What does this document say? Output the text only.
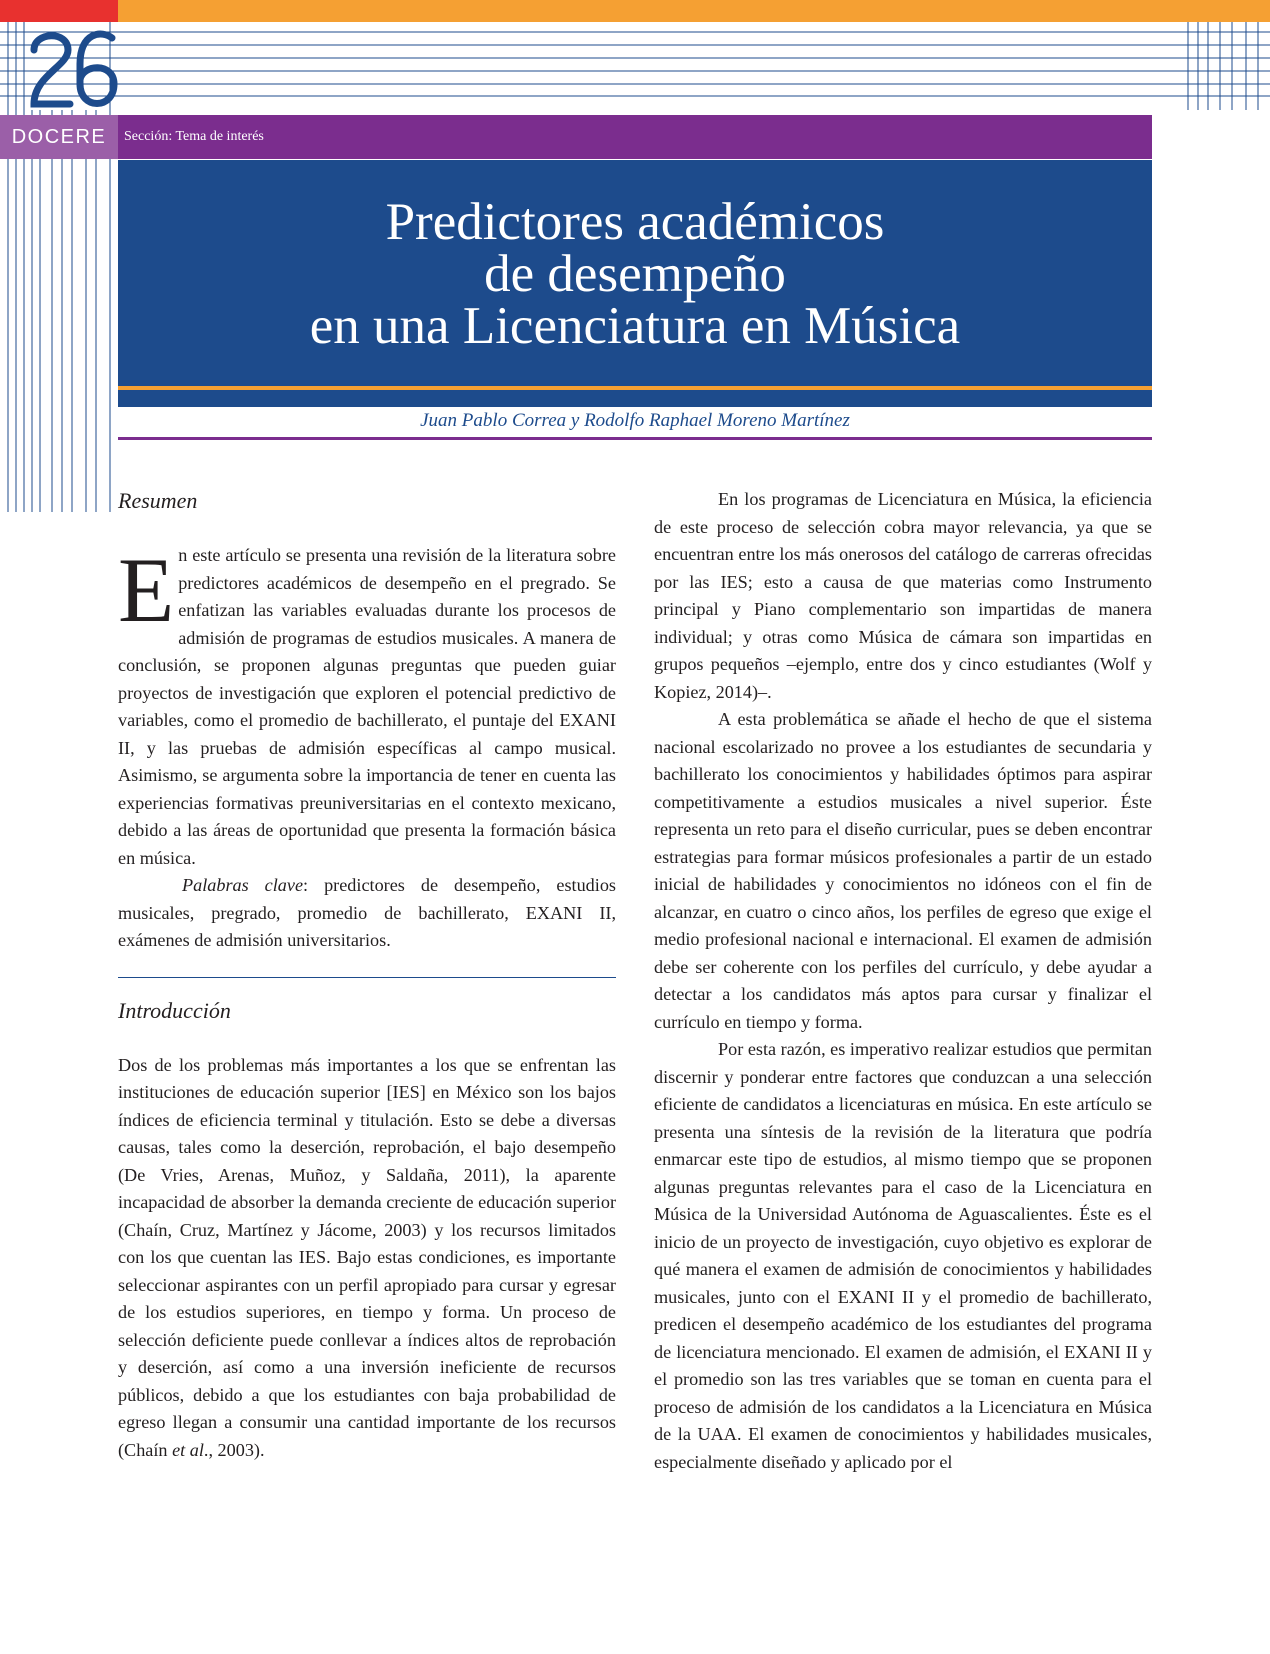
26
DOCERE	Sección: Tema de interés
Predictores académicos
de desempeño
en una Licenciatura en Música
Juan Pablo Correa y Rodolfo Raphael Moreno Martínez
Resumen

En este artículo se presenta una revisión de la literatura sobre predictores académicos de desempeño en el pregrado. Se enfatizan las variables evaluadas durante los procesos de admisión de programas de estudios musicales. A manera de conclusión, se proponen algunas preguntas que pueden guiar proyectos de investigación que exploren el potencial predictivo de variables, como el promedio de bachillerato, el puntaje del EXANI II, y las pruebas de admisión específicas al campo musical. Asimismo, se argumenta sobre la importancia de tener en cuenta las experiencias formativas preuniversitarias en el contexto mexicano, debido a las áreas de oportunidad que presenta la formación básica en música.

Palabras clave: predictores de desempeño, estudios musicales, pregrado, promedio de bachillerato, EXANI II, exámenes de admisión universitarios.

Introducción

Dos de los problemas más importantes a los que se enfrentan las instituciones de educación superior [IES] en México son los bajos índices de eficiencia terminal y titulación. Esto se debe a diversas causas, tales como la deserción, reprobación, el bajo desempeño (De Vries, Arenas, Muñoz, y Saldaña, 2011), la aparente incapacidad de absorber la demanda creciente de educación superior (Chaín, Cruz, Martínez y Jácome, 2003) y los recursos limitados con los que cuentan las IES. Bajo estas condiciones, es importante seleccionar aspirantes con un perfil apropiado para cursar y egresar de los estudios superiores, en tiempo y forma. Un proceso de selección deficiente puede conllevar a índices altos de reprobación y deserción, así como a una inversión ineficiente de recursos públicos, debido a que los estudiantes con baja probabilidad de egreso llegan a consumir una cantidad importante de los recursos (Chaín et al., 2003).

En los programas de Licenciatura en Música, la eficiencia de este proceso de selección cobra mayor relevancia, ya que se encuentran entre los más onerosos del catálogo de carreras ofrecidas por las IES; esto a causa de que materias como Instrumento principal y Piano complementario son impartidas de manera individual; y otras como Música de cámara son impartidas en grupos pequeños –ejemplo, entre dos y cinco estudiantes (Wolf y Kopiez, 2014)–.

A esta problemática se añade el hecho de que el sistema nacional escolarizado no provee a los estudiantes de secundaria y bachillerato los conocimientos y habilidades óptimos para aspirar competitivamente a estudios musicales a nivel superior. Éste representa un reto para el diseño curricular, pues se deben encontrar estrategias para formar músicos profesionales a partir de un estado inicial de habilidades y conocimientos no idóneos con el fin de alcanzar, en cuatro o cinco años, los perfiles de egreso que exige el medio profesional nacional e internacional. El examen de admisión debe ser coherente con los perfiles del currículo, y debe ayudar a detectar a los candidatos más aptos para cursar y finalizar el currículo en tiempo y forma.

Por esta razón, es imperativo realizar estudios que permitan discernir y ponderar entre factores que conduzcan a una selección eficiente de candidatos a licenciaturas en música. En este artículo se presenta una síntesis de la revisión de la literatura que podría enmarcar este tipo de estudios, al mismo tiempo que se proponen algunas preguntas relevantes para el caso de la Licenciatura en Música de la Universidad Autónoma de Aguascalientes. Éste es el inicio de un proyecto de investigación, cuyo objetivo es explorar de qué manera el examen de admisión de conocimientos y habilidades musicales, junto con el EXANI II y el promedio de bachillerato, predicen el desempeño académico de los estudiantes del programa de licenciatura mencionado. El examen de admisión, el EXANI II y el promedio son las tres variables que se toman en cuenta para el proceso de admisión de los candidatos a la Licenciatura en Música de la UAA. El examen de conocimientos y habilidades musicales, especialmente diseñado y aplicado por el
